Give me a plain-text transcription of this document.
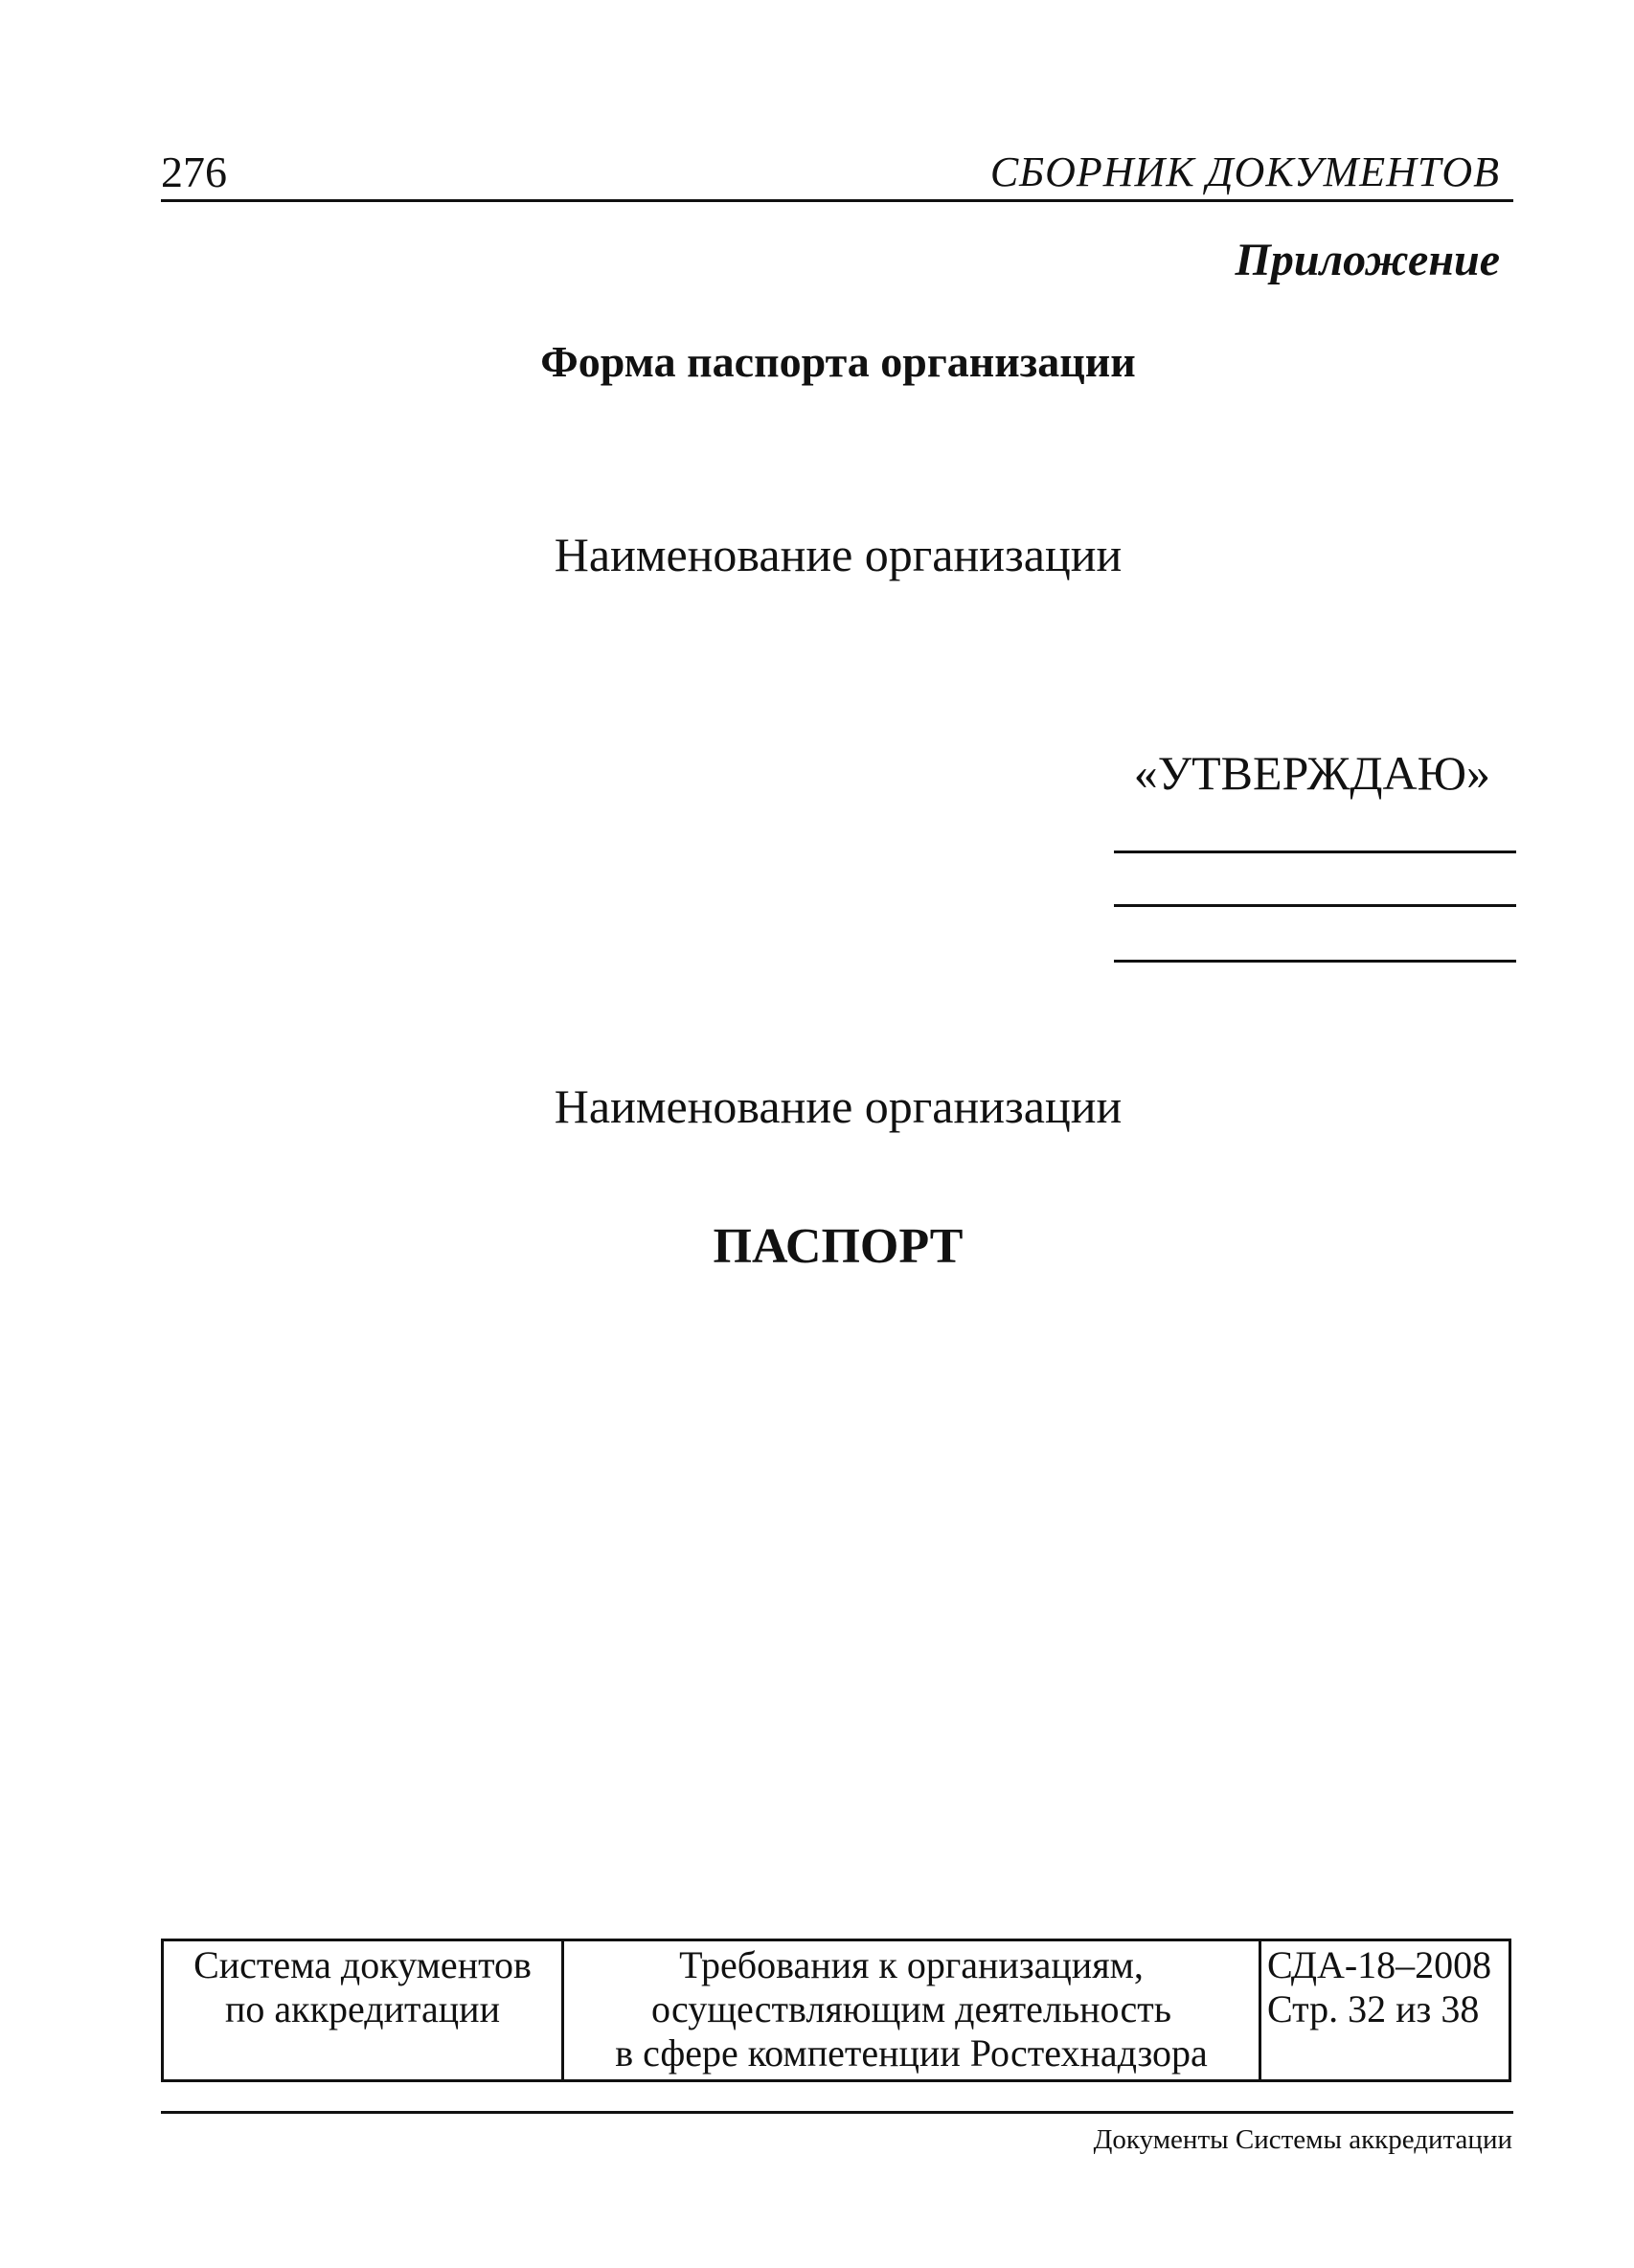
276	СБОРНИК ДОКУМЕНТОВ
Приложение
Форма паспорта организации
Наименование организации
«УТВЕРЖДАЮ»
Наименование организации
ПАСПОРТ
Система документов
по аккредитации
Требования к организациям,
осуществляющим деятельность
в сфере компетенции Ростехнадзора
СДА-18–2008
Стр. 32 из 38
Документы Системы аккредитации
